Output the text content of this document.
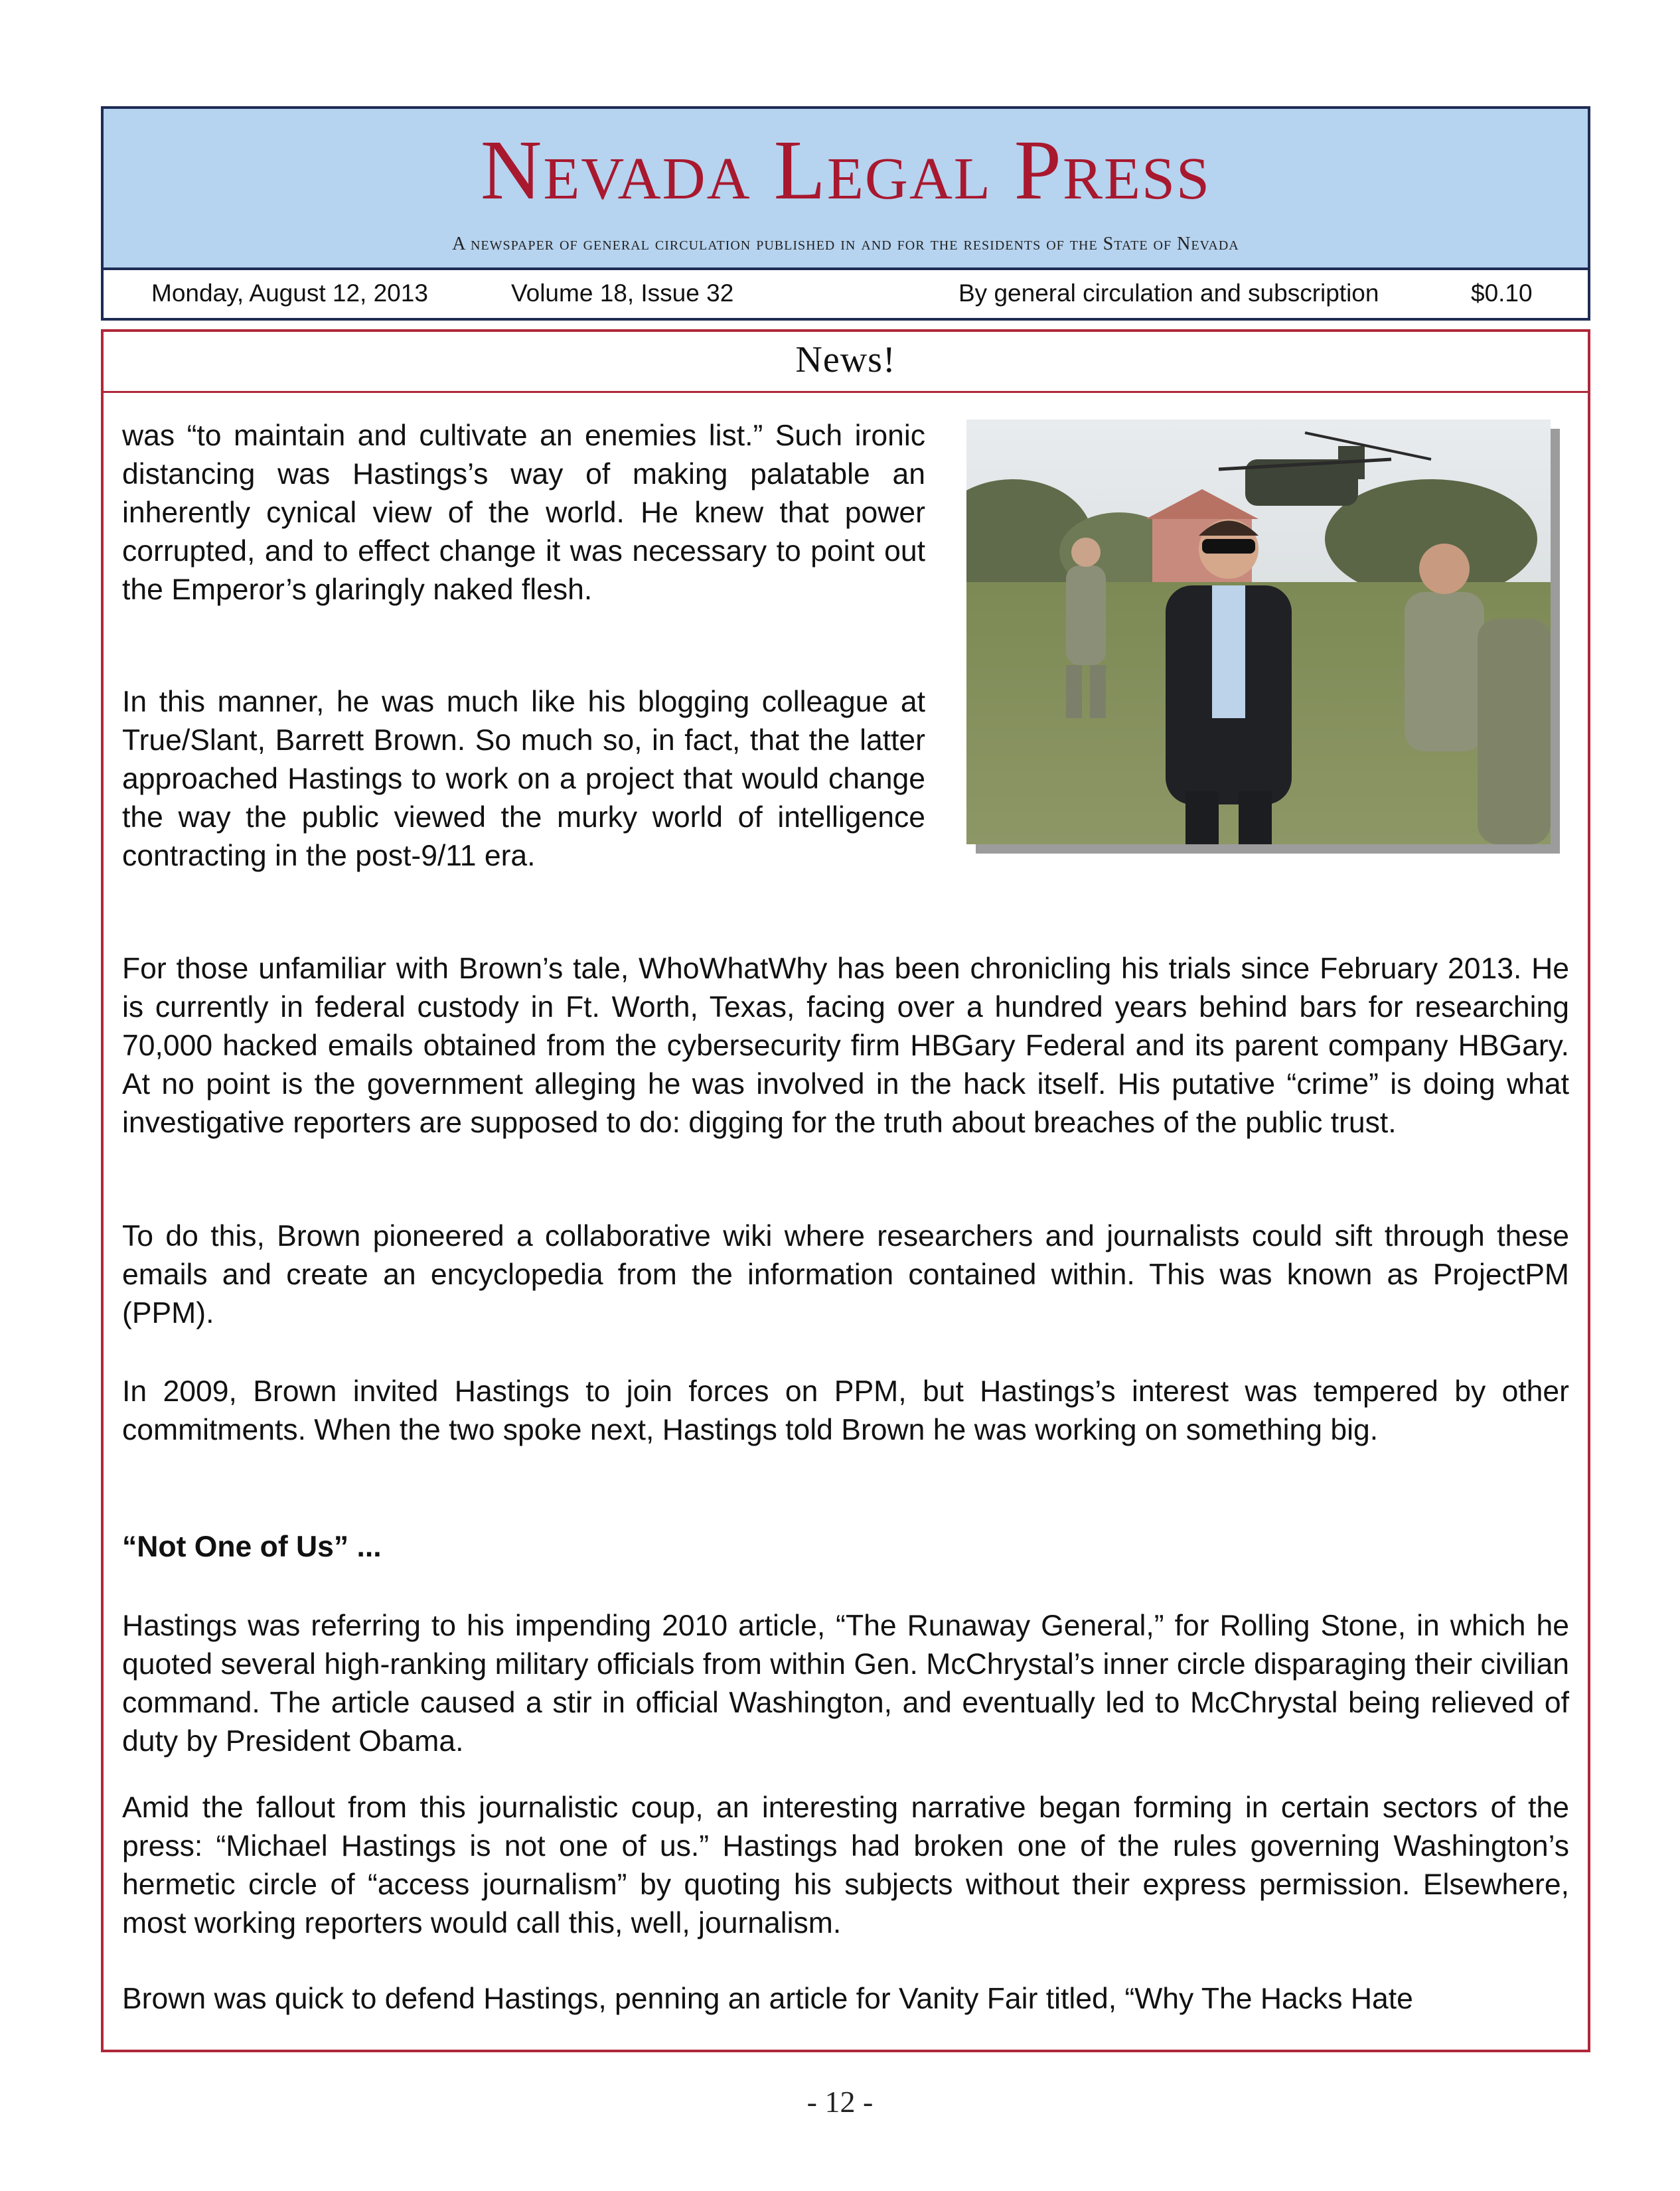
Nevada Legal Press
A newspaper of general circulation published in and for the residents of the State of Nevada
Monday, August 12, 2013	Volume 18, Issue 32	By general circulation and subscription	$0.10
News!

was “to maintain and cultivate an enemies list.” Such ironic distancing was Hastings’s way of making palatable an inherently cynical view of the world. He knew that power corrupted, and to effect change it was necessary to point out the Emperor’s glaringly naked flesh.

In this manner, he was much like his blogging colleague at True/Slant, Barrett Brown. So much so, in fact, that the latter approached Hastings to work on a project that would change the way the public viewed the murky world of intelligence contracting in the post-9/11 era.

For those unfamiliar with Brown’s tale, WhoWhatWhy has been chronicling his trials since February 2013. He is currently in federal custody in Ft. Worth, Texas, facing over a hundred years behind bars for researching 70,000 hacked emails obtained from the cybersecurity firm HBGary Federal and its parent company HBGary. At no point is the government alleging he was involved in the hack itself. His putative “crime” is doing what investigative reporters are supposed to do: digging for the truth about breaches of the public trust.

To do this, Brown pioneered a collaborative wiki where researchers and journalists could sift through these emails and create an encyclopedia from the information contained within. This was known as ProjectPM (PPM).

In 2009, Brown invited Hastings to join forces on PPM, but Hastings’s interest was tempered by other commitments. When the two spoke next, Hastings told Brown he was working on something big.

“Not One of Us” ...

Hastings was referring to his impending 2010 article, “The Runaway General,” for Rolling Stone, in which he quoted several high-ranking military officials from within Gen. McChrystal’s inner circle disparaging their civilian command. The article caused a stir in official Washington, and eventually led to McChrystal being relieved of duty by President Obama.

Amid the fallout from this journalistic coup, an interesting narrative began forming in certain sectors of the press: “Michael Hastings is not one of us.” Hastings had broken one of the rules governing Washington’s hermetic circle of “access journalism” by quoting his subjects without their express permission. Elsewhere, most working reporters would call this, well, journalism.

Brown was quick to defend Hastings, penning an article for Vanity Fair titled, “Why The Hacks Hate

- 12 -
